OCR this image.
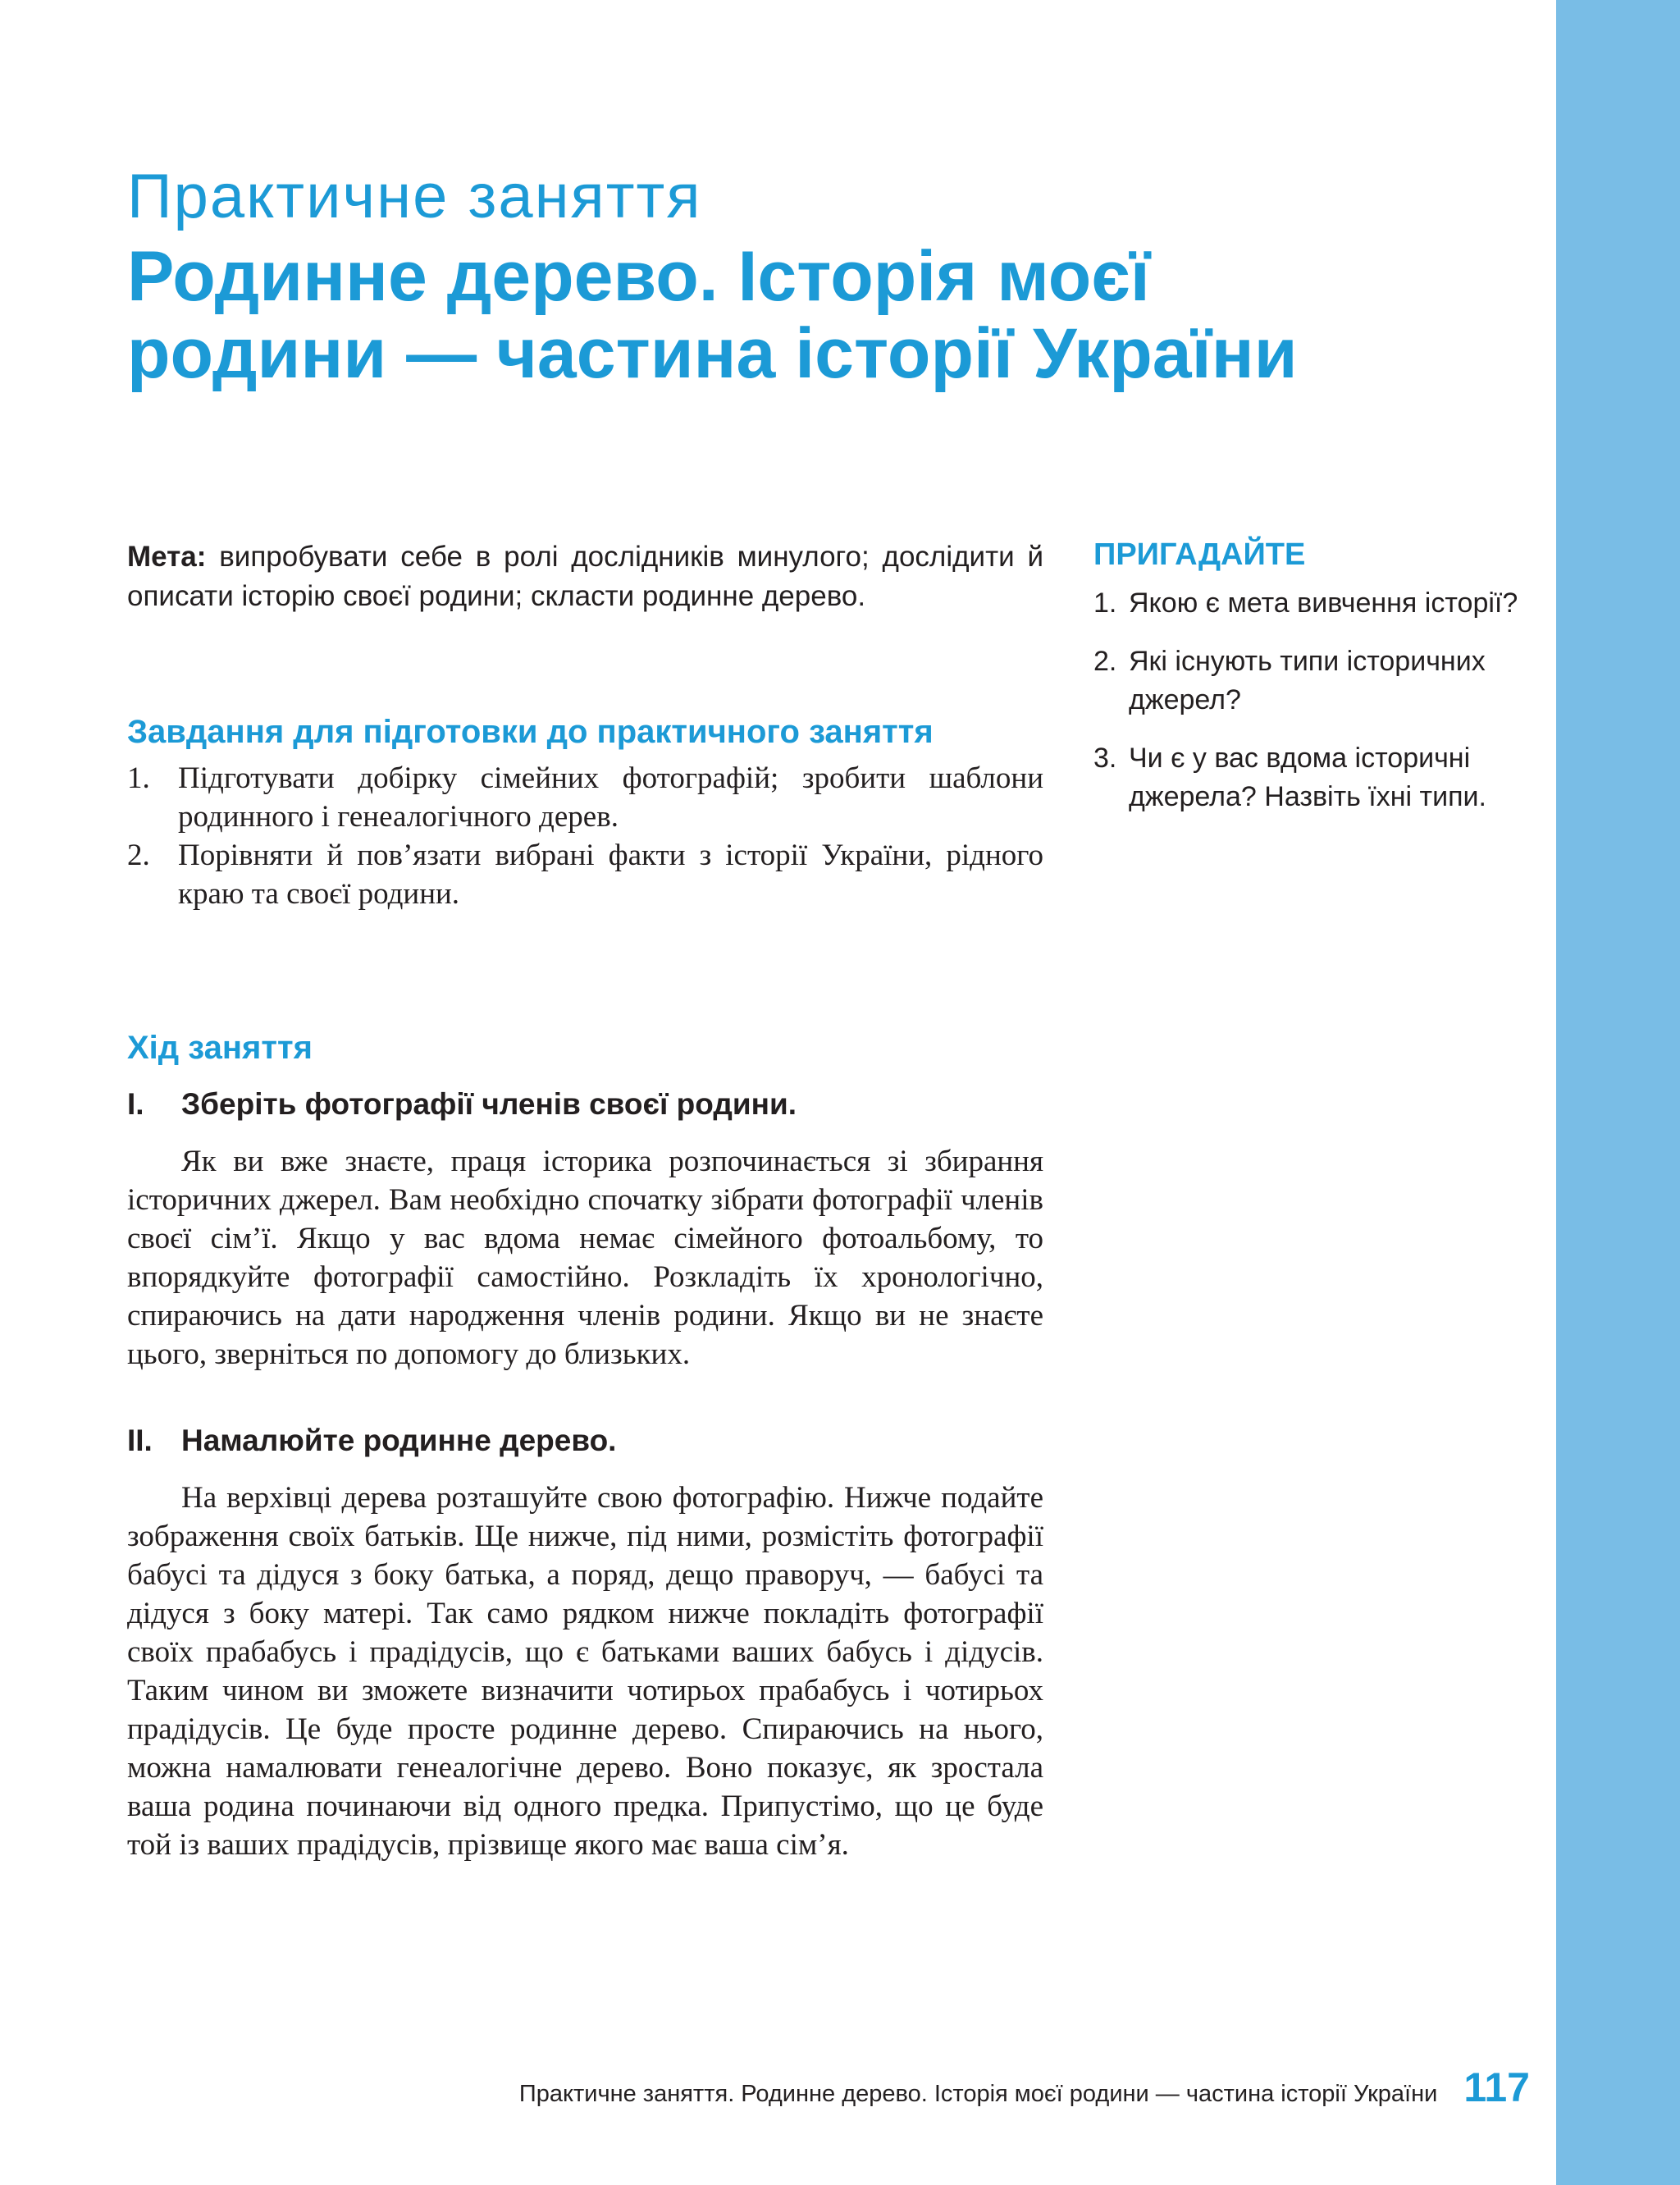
Практичне заняття
Родинне дерево. Історія моєї
родини — частина історії України

Мета: випробувати себе в ролі дослідників минулого; дослідити й описати історію своєї родини; скласти родинне дерево.

Завдання для підготовки до практичного заняття
1. Підготувати добірку сімейних фотографій; зробити шаблони родинного і генеалогічного дерев.
2. Порівняти й пов’язати вибрані факти з історії України, рідного краю та своєї родини.
Хід заняття
I.	Зберіть фотографії членів своєї родини.

Як ви вже знаєте, праця історика розпочинається зі збирання історичних джерел. Вам необхідно спочатку зібрати фотографії членів своєї сім’ї. Якщо у вас вдома немає сімейного фотоальбому, то впорядкуйте фотографії самостійно. Розкладіть їх хронологічно, спираючись на дати народження членів родини. Якщо ви не знаєте цього, зверніться по допомогу до близьких.

II. Намалюйте родинне дерево.

На верхівці дерева розташуйте свою фотографію. Нижче подайте зображення своїх батьків. Ще нижче, під ними, розмістіть фотографії бабусі та дідуся з боку батька, а поряд, дещо праворуч, — бабусі та дідуся з боку матері. Так само рядком нижче покладіть фотографії своїх прабабусь і прадідусів, що є батьками ваших бабусь і дідусів. Таким чином ви зможете визначити чотирьох прабабусь і чотирьох прадідусів. Це буде просте родинне дерево. Спираючись на нього, можна намалювати генеалогічне дерево. Воно показує, як зростала ваша родина починаючи від одного предка. Припустімо, що це буде той із ваших прадідусів, прізвище якого має ваша сім’я.

ПРИГАДАЙТЕ
1. Якою є мета вивчення історії?
2. Які існують типи історичних джерел?
3. Чи є у вас вдома історичні джерела? Назвіть їхні типи.
Практичне заняття. Родинне дерево. Історія моєї родини — частина історії України 117
